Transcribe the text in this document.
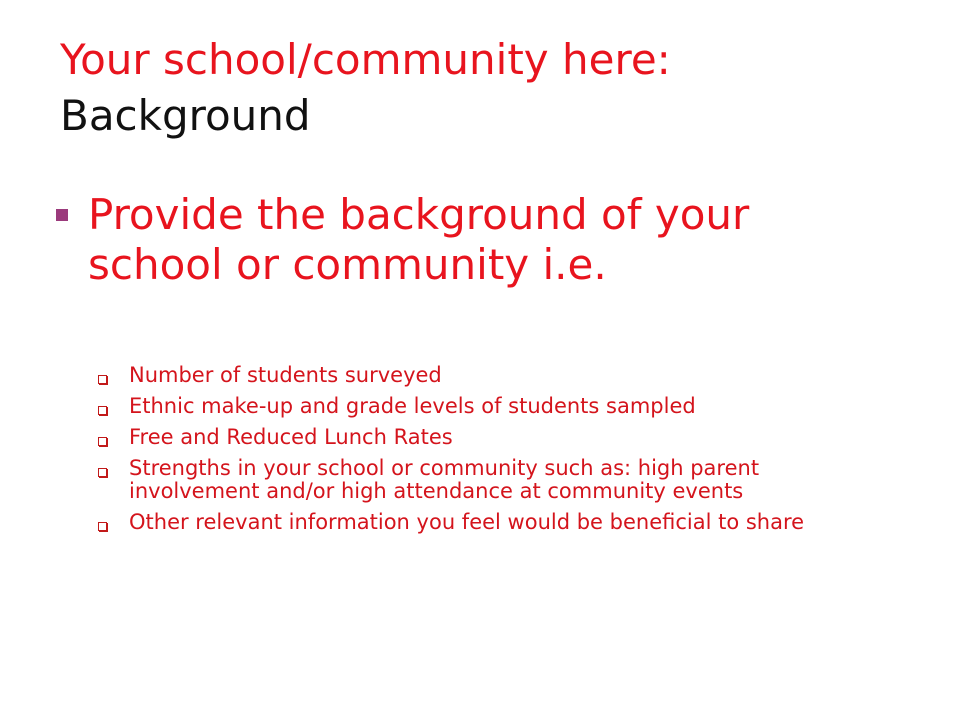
Your school/community here:
Background
Provide the background of your school or community i.e.
Number of students surveyed
Ethnic make-up and grade levels of students sampled
Free and Reduced Lunch Rates
Strengths in your school or community such as: high parent involvement and/or high attendance at community events
Other relevant information you feel would be beneficial to share
